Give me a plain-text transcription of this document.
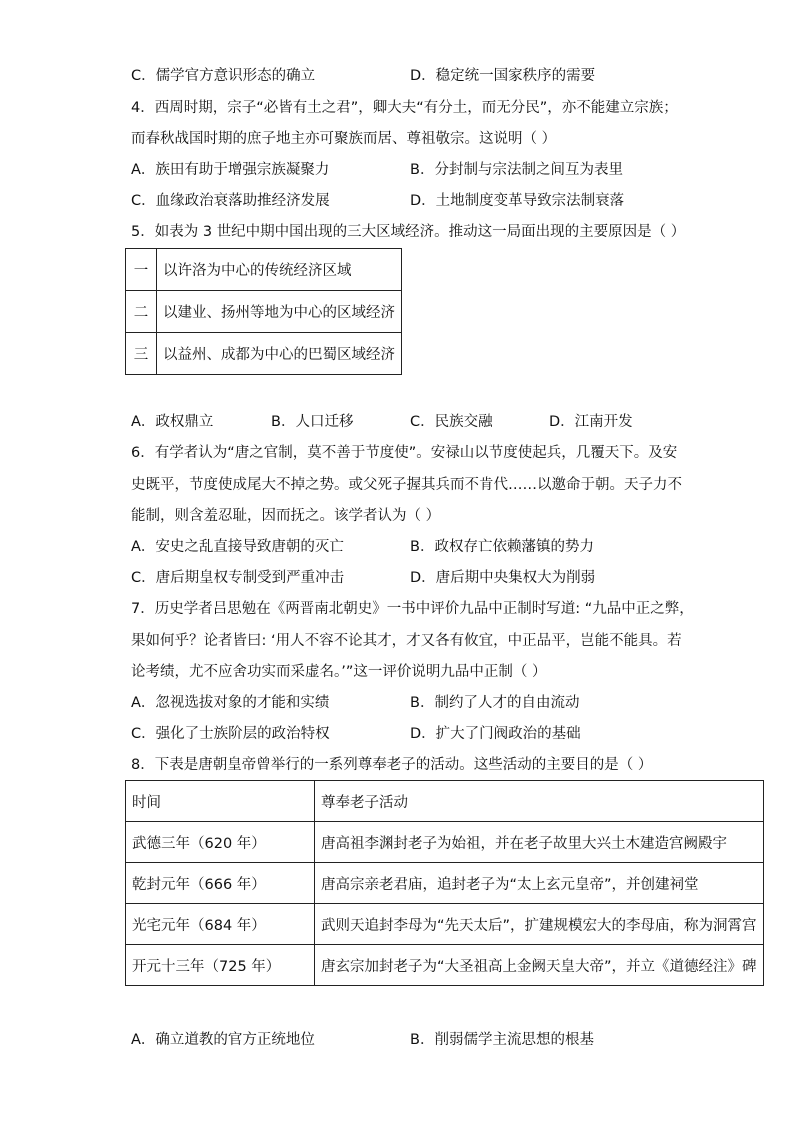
C．儒学官方意识形态的确立	D．稳定统一国家秩序的需要
4．西周时期，宗子“必皆有土之君”，卿大夫“有分土，而无分民”，亦不能建立宗族；
而春秋战国时期的庶子地主亦可聚族而居、尊祖敬宗。这说明（ ）
A．族田有助于增强宗族凝聚力	B．分封制与宗法制之间互为表里
C．血缘政治衰落助推经济发展	D．土地制度变革导致宗法制衰落
5．如表为 3 世纪中期中国出现的三大区域经济。推动这一局面出现的主要原因是（ ）
一	以许洛为中心的传统经济区域
二	以建业、扬州等地为中心的区域经济
三	以益州、成都为中心的巴蜀区域经济
A．政权鼎立	B．人口迁移	C．民族交融	D．江南开发
6．有学者认为“唐之官制，莫不善于节度使”。安禄山以节度使起兵，几覆天下。及安
史既平，节度使成尾大不掉之势。或父死子握其兵而不肯代……以邀命于朝。天子力不
能制，则含羞忍耻，因而抚之。该学者认为（ ）
A．安史之乱直接导致唐朝的灭亡	B．政权存亡依赖藩镇的势力
C．唐后期皇权专制受到严重冲击	D．唐后期中央集权大为削弱
7．历史学者吕思勉在《两晋南北朝史》一书中评价九品中正制时写道: “九品中正之弊，
果如何乎？论者皆曰: ‘用人不容不论其才，才又各有攸宜，中正品平，岂能不能具。若
论考绩，尤不应舍功实而采虚名。’”这一评价说明九品中正制（ ）
A．忽视选拔对象的才能和实绩	B．制约了人才的自由流动
C．强化了士族阶层的政治特权	D．扩大了门阀政治的基础
8．下表是唐朝皇帝曾举行的一系列尊奉老子的活动。这些活动的主要目的是（ ）
时间	尊奉老子活动
武德三年（620 年）	唐高祖李渊封老子为始祖，并在老子故里大兴土木建造宫阙殿宇
乾封元年（666 年）	唐高宗亲老君庙，追封老子为“太上玄元皇帝”，并创建祠堂
光宅元年（684 年）	武则天追封李母为“先天太后”，扩建规模宏大的李母庙，称为洞霄宫
开元十三年（725 年）	唐玄宗加封老子为“大圣祖高上金阙天皇大帝”，并立《道德经注》碑
A．确立道教的官方正统地位	B．削弱儒学主流思想的根基
